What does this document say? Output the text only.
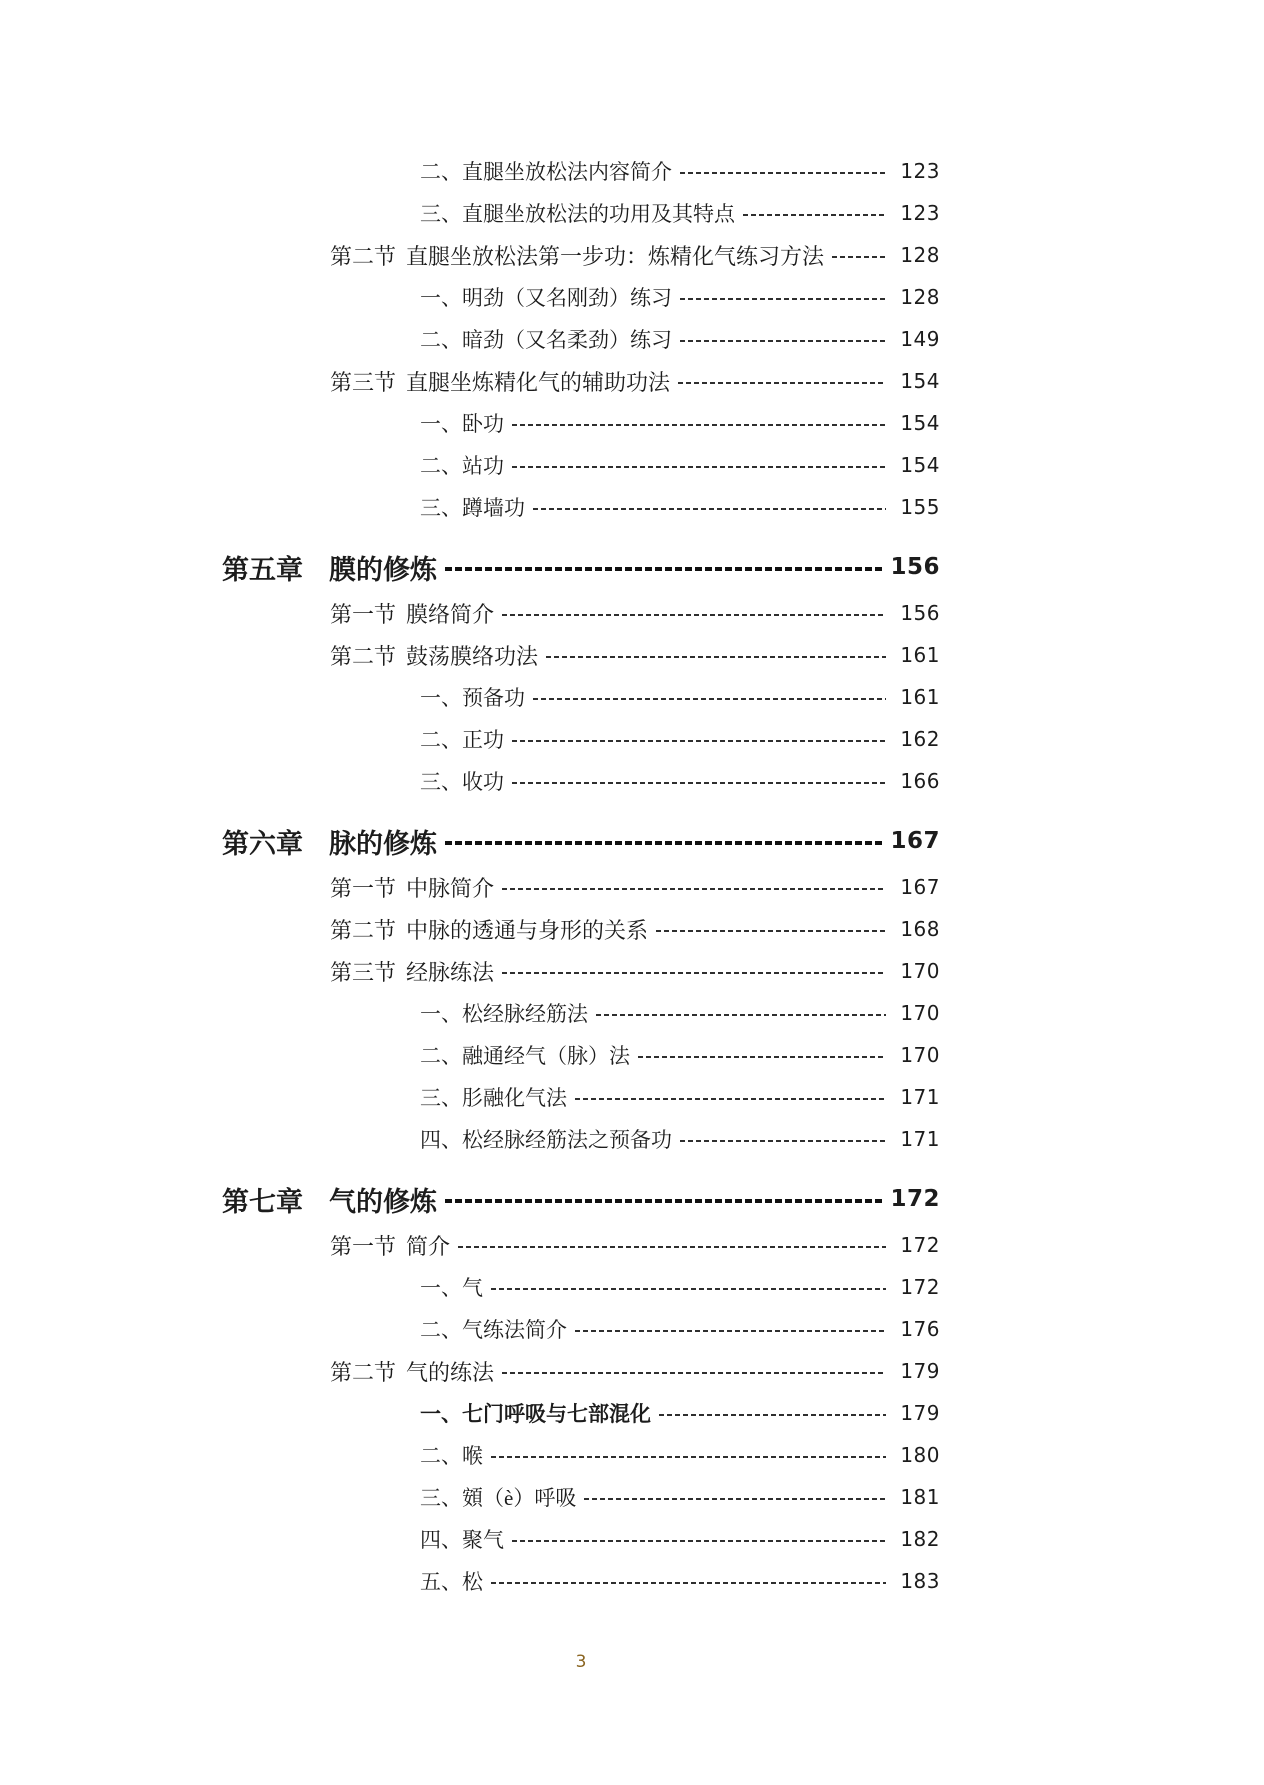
二、直腿坐放松法内容简介	123
三、直腿坐放松法的功用及其特点	123
第二节 直腿坐放松法第一步功：炼精化气练习方法	128
一、明劲（又名刚劲）练习	128
二、暗劲（又名柔劲）练习	149
第三节 直腿坐炼精化气的辅助功法	154
一、卧功	154
二、站功	154
三、蹲墙功	155
第五章 膜的修炼	156
第一节 膜络简介	156
第二节 鼓荡膜络功法	161
一、预备功	161
二、正功	162
三、收功	166
第六章 脉的修炼	167
第一节 中脉简介	167
第二节 中脉的透通与身形的关系	168
第三节 经脉练法	170
一、松经脉经筋法	170
二、融通经气（脉）法	170
三、肜融化气法	171
四、松经脉经筋法之预备功	171
第七章 气的修炼	172
第一节 简介	172
一、气	172
二、气练法简介	176
第二节 气的练法	179
一、七门呼吸与七部混化	179
二、喉	180
三、頞（è）呼吸	181
四、聚气	182
五、松	183
3
